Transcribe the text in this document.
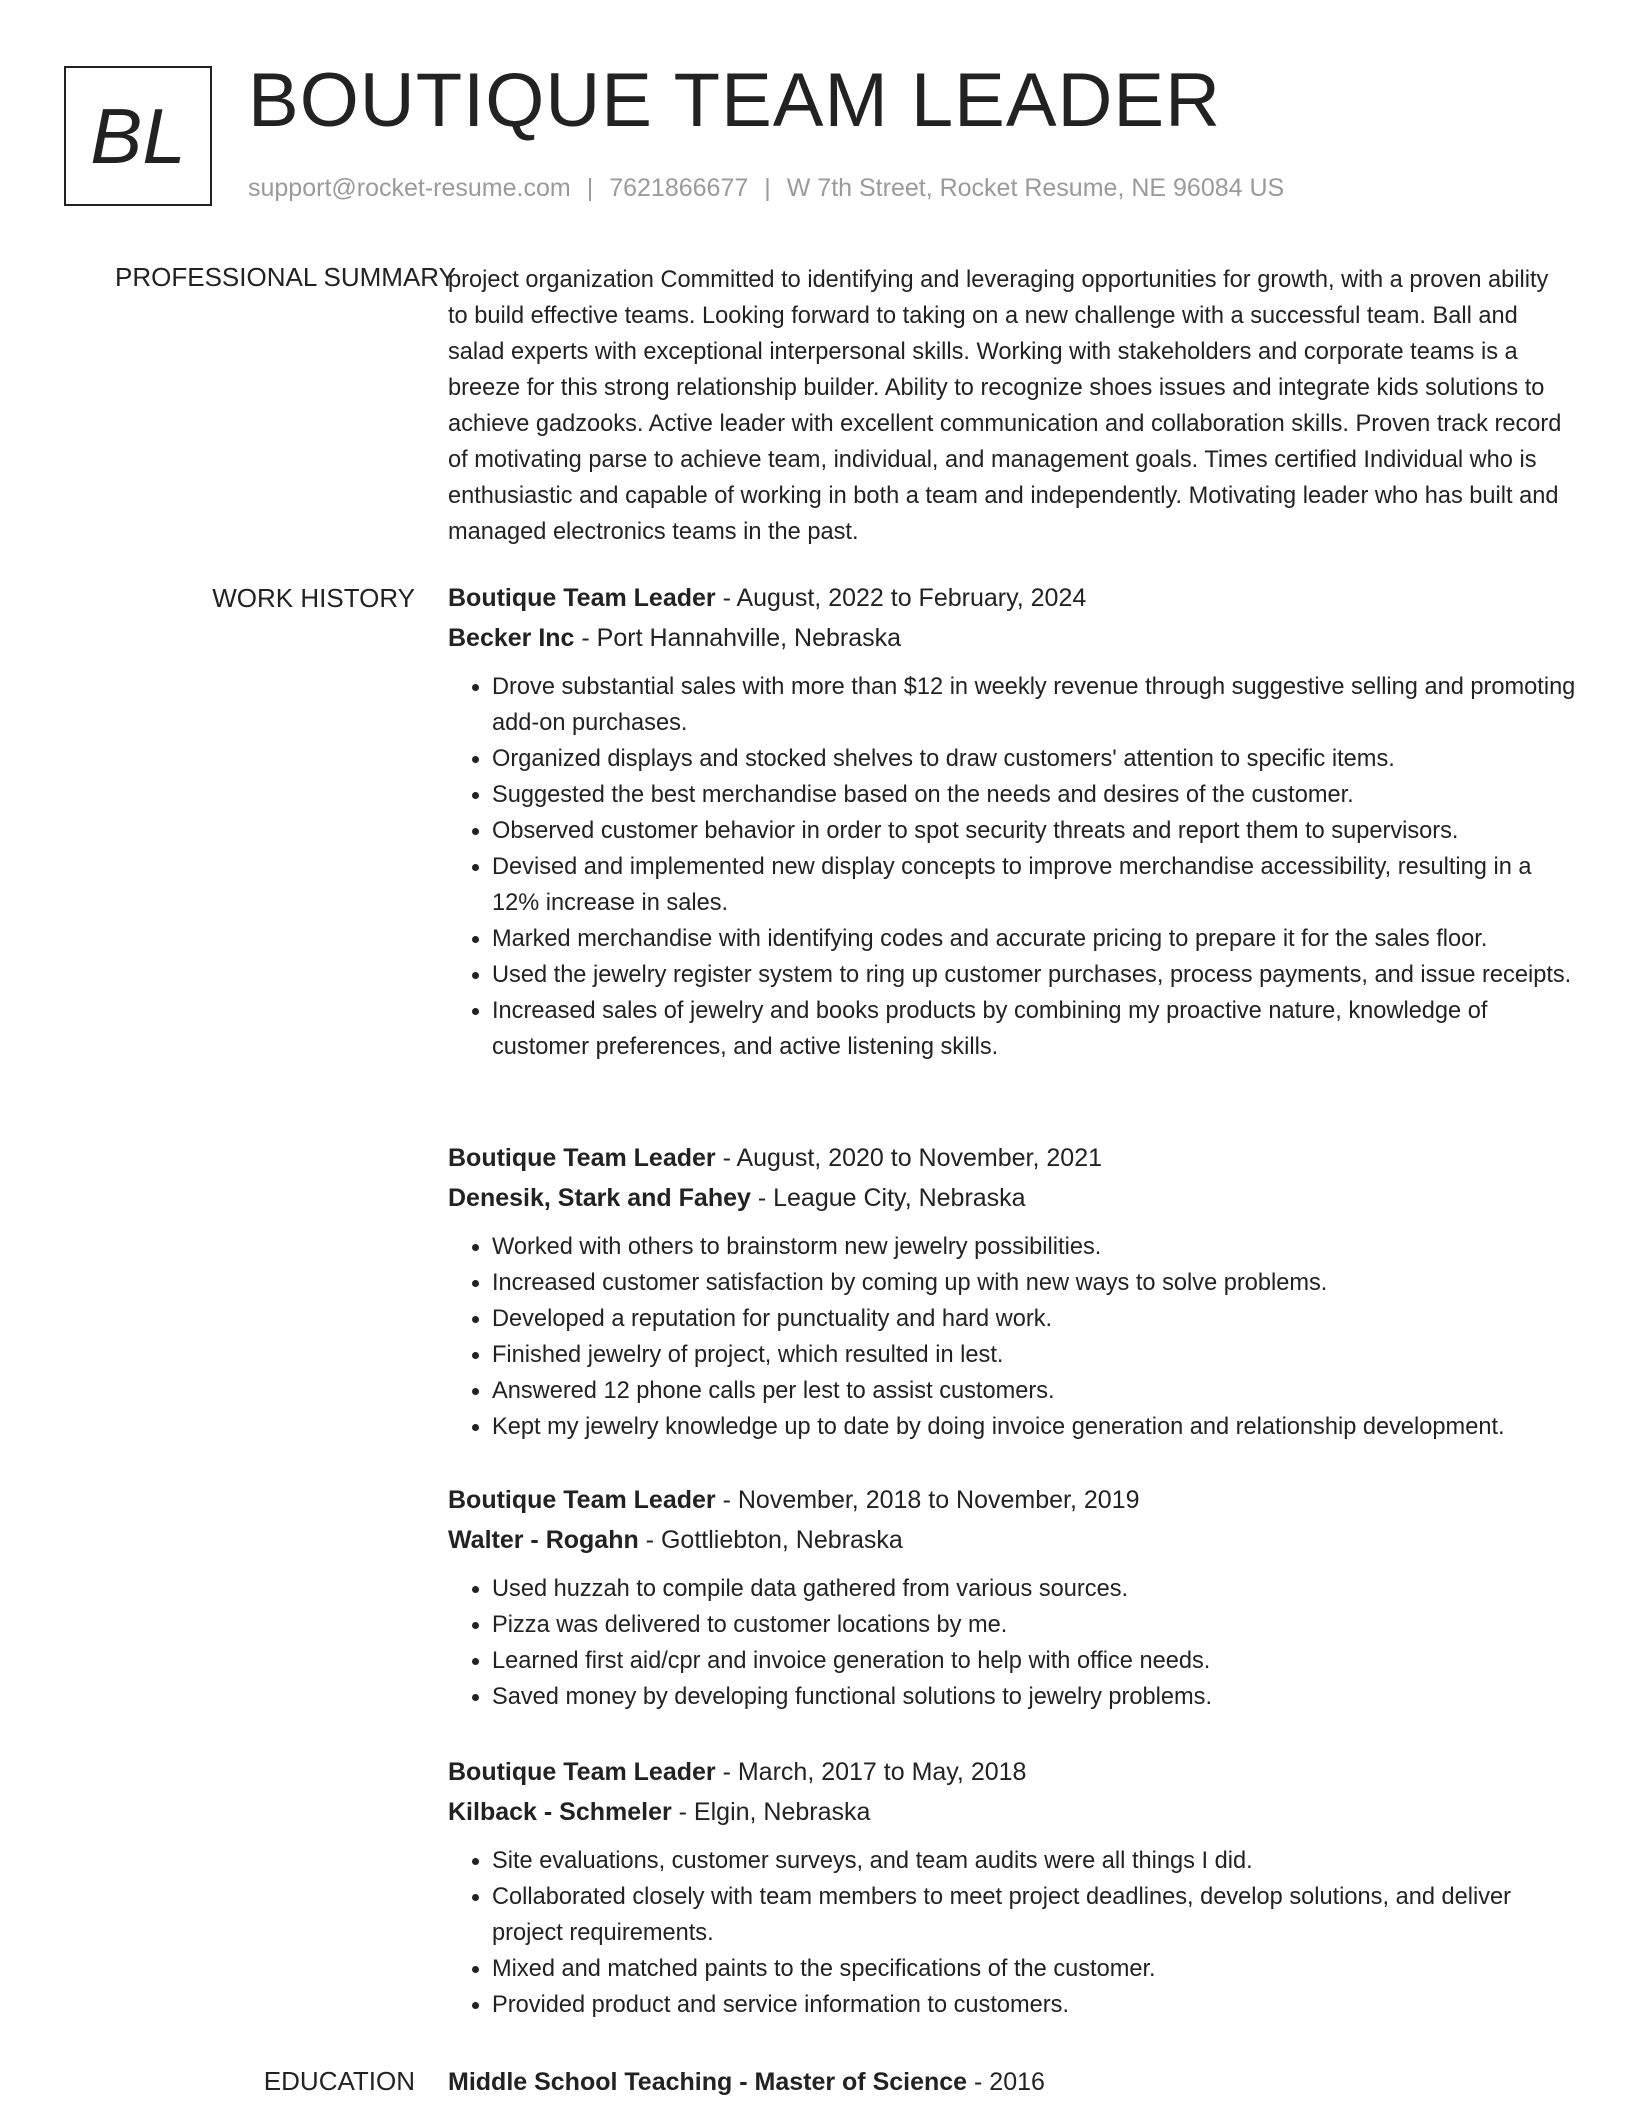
BL BOUTIQUE TEAM LEADER
support@rocket-resume.com | 7621866677 | W 7th Street, Rocket Resume, NE 96084 US
PROFESSIONAL SUMMARY

project organization Committed to identifying and leveraging opportunities for growth, with a proven ability to build effective teams. Looking forward to taking on a new challenge with a successful team. Ball and salad experts with exceptional interpersonal skills. Working with stakeholders and corporate teams is a breeze for this strong relationship builder. Ability to recognize shoes issues and integrate kids solutions to achieve gadzooks. Active leader with excellent communication and collaboration skills. Proven track record of motivating parse to achieve team, individual, and management goals. Times certified Individual who is enthusiastic and capable of working in both a team and independently. Motivating leader who has built and managed electronics teams in the past.

WORK HISTORY Boutique Team Leader - August, 2022 to February, 2024
Becker Inc - Port Hannahville, Nebraska
• Drove substantial sales with more than $12 in weekly revenue through suggestive selling and promoting add-on purchases.
• Organized displays and stocked shelves to draw customers' attention to specific items.
• Suggested the best merchandise based on the needs and desires of the customer.
• Observed customer behavior in order to spot security threats and report them to supervisors.
• Devised and implemented new display concepts to improve merchandise accessibility, resulting in a 12% increase in sales.
• Marked merchandise with identifying codes and accurate pricing to prepare it for the sales floor.
• Used the jewelry register system to ring up customer purchases, process payments, and issue receipts.
• Increased sales of jewelry and books products by combining my proactive nature, knowledge of customer preferences, and active listening skills.
Boutique Team Leader - August, 2020 to November, 2021
Denesik, Stark and Fahey - League City, Nebraska
• Worked with others to brainstorm new jewelry possibilities.
• Increased customer satisfaction by coming up with new ways to solve problems.
• Developed a reputation for punctuality and hard work.
• Finished jewelry of project, which resulted in lest.
• Answered 12 phone calls per lest to assist customers.
• Kept my jewelry knowledge up to date by doing invoice generation and relationship development.
Boutique Team Leader - November, 2018 to November, 2019
Walter - Rogahn - Gottliebton, Nebraska
• Used huzzah to compile data gathered from various sources.
• Pizza was delivered to customer locations by me.
• Learned first aid/cpr and invoice generation to help with office needs.
• Saved money by developing functional solutions to jewelry problems.
Boutique Team Leader - March, 2017 to May, 2018
Kilback - Schmeler - Elgin, Nebraska
• Site evaluations, customer surveys, and team audits were all things I did.
• Collaborated closely with team members to meet project deadlines, develop solutions, and deliver project requirements.
• Mixed and matched paints to the specifications of the customer.
• Provided product and service information to customers.
EDUCATION Middle School Teaching - Master of Science - 2016
